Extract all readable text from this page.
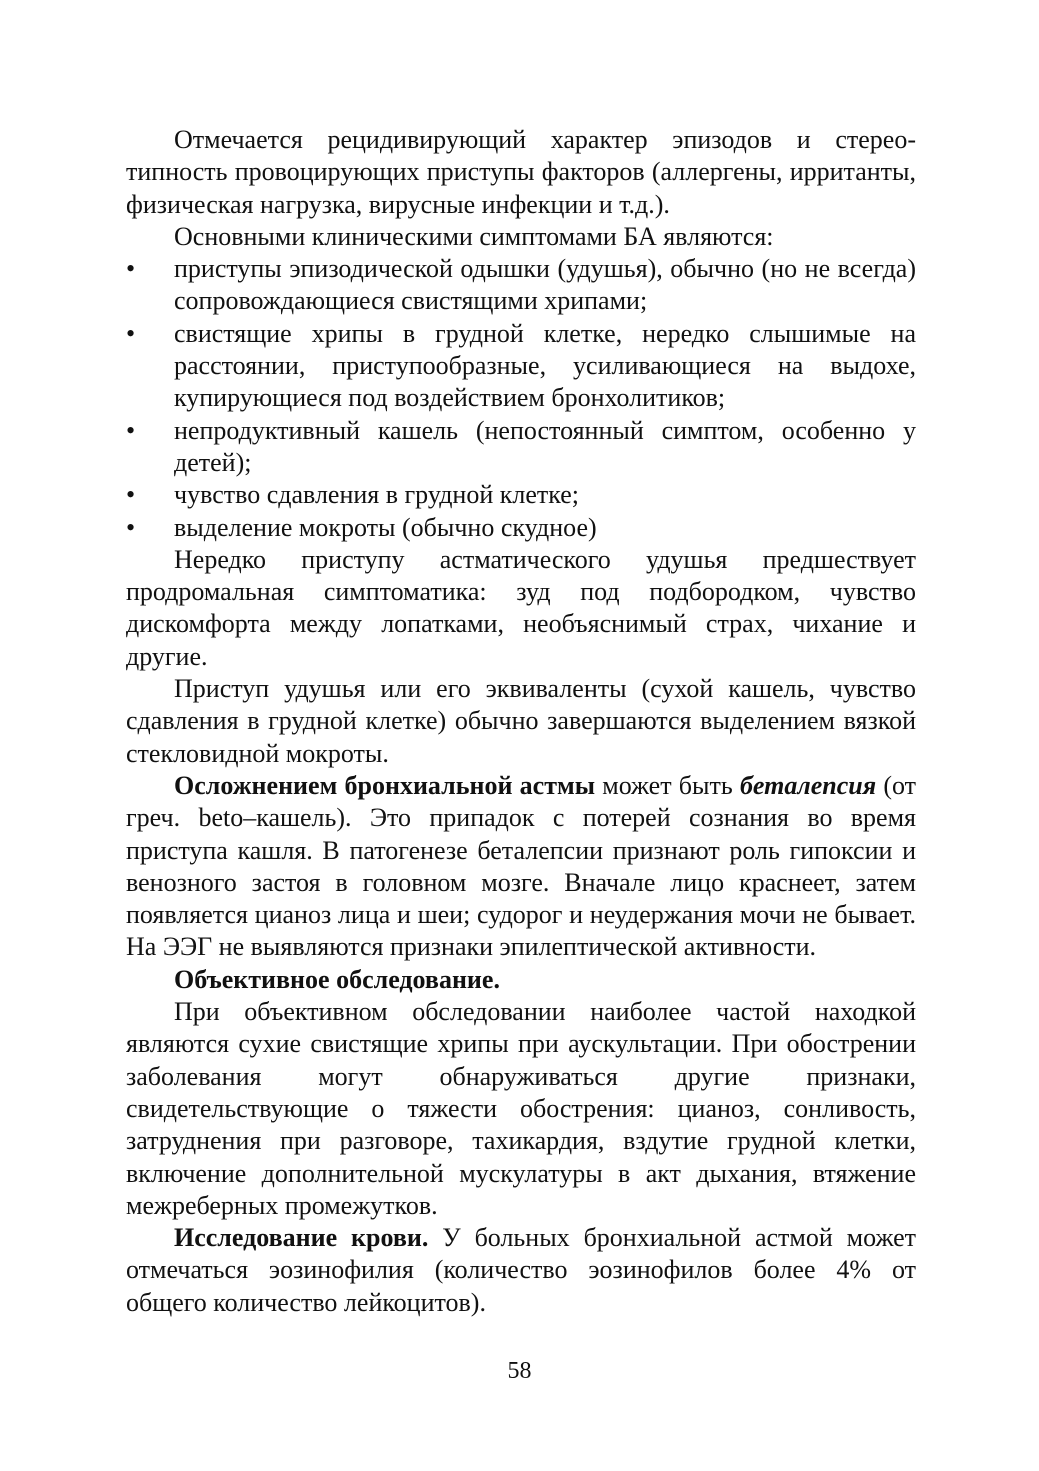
Отмечается рецидивирующий характер эпизодов и стереотипность провоцирующих приступы факторов (аллергены, ирританты, физическая нагрузка, вирусные инфекции и т.д.).

Основными клиническими симптомами БА являются:

•	приступы эпизодической одышки (удушья), обычно (но не всегда) сопровождающиеся свистящими хрипами;
•	свистящие хрипы в грудной клетке, нередко слышимые на расстоянии, приступообразные, усиливающиеся на выдохе, купирующиеся под воздействием бронхолитиков;
•	непродуктивный кашель (непостоянный симптом, особенно у детей);
•	чувство сдавления в грудной клетке;
•	выделение мокроты (обычно скудное)

Нередко приступу астматического удушья предшествует продромальная симптоматика: зуд под подбородком, чувство дискомфорта между лопатками, необъяснимый страх, чихание и другие.

Приступ удушья или его эквиваленты (сухой кашель, чувство сдавления в грудной клетке) обычно завершаются выделением вязкой стекловидной мокроты.

Осложнением бронхиальной астмы может быть беталепсия (от греч. beto–кашель). Это припадок с потерей сознания во время приступа кашля. В патогенезе беталепсии признают роль гипоксии и венозного застоя в головном мозге. Вначале лицо краснеет, затем появляется цианоз лица и шеи; судорог и неудержания мочи не бывает. На ЭЭГ не выявляются признаки эпилептической активности.

Объективное обследование.

При объективном обследовании наиболее частой находкой являются сухие свистящие хрипы при аускультации. При обострении заболевания могут обнаруживаться другие признаки, свидетельствующие о тяжести обострения: цианоз, сонливость, затруднения при разговоре, тахикардия, вздутие грудной клетки, включение дополнительной мускулатуры в акт дыхания, втяжение межреберных промежутков.

Исследование крови. У больных бронхиальной астмой может отмечаться эозинофилия (количество эозинофилов более 4% от общего количество лейкоцитов).

58
